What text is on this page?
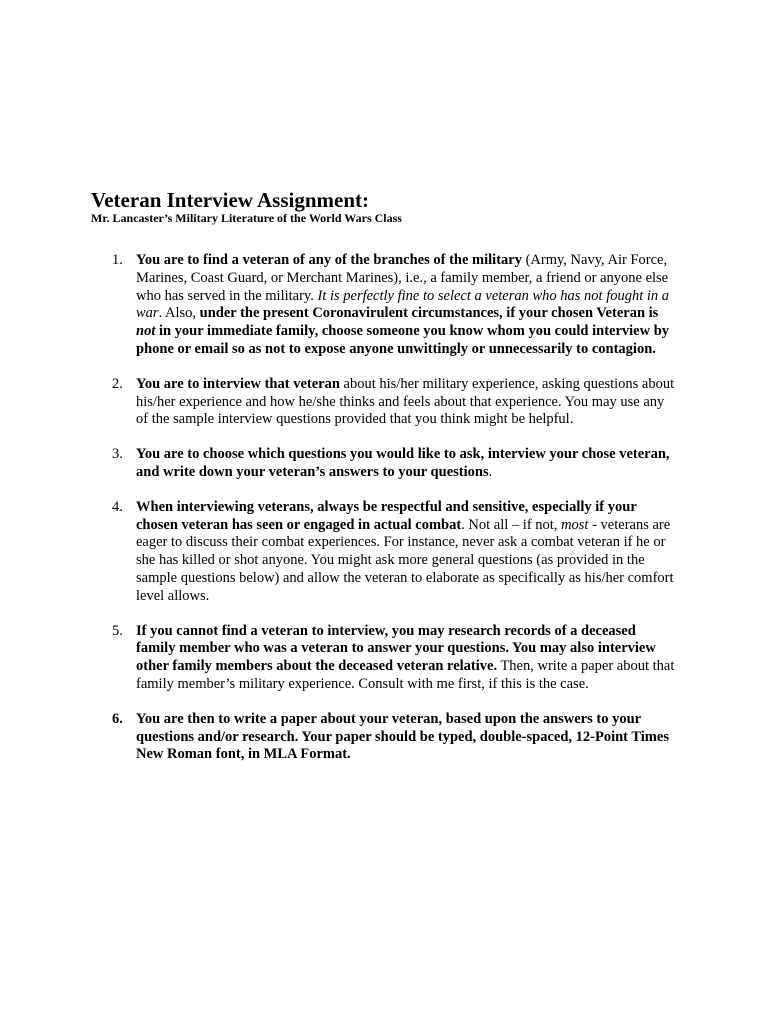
Veteran Interview Assignment:
Mr. Lancaster’s Military Literature of the World Wars Class
1. You are to find a veteran of any of the branches of the military (Army, Navy, Air Force, Marines, Coast Guard, or Merchant Marines), i.e., a family member, a friend or anyone else who has served in the military. It is perfectly fine to select a veteran who has not fought in a war. Also, under the present Coronavirulent circumstances, if your chosen Veteran is not in your immediate family, choose someone you know whom you could interview by phone or email so as not to expose anyone unwittingly or unnecessarily to contagion.
2. You are to interview that veteran about his/her military experience, asking questions about his/her experience and how he/she thinks and feels about that experience. You may use any of the sample interview questions provided that you think might be helpful.
3. You are to choose which questions you would like to ask, interview your chose veteran, and write down your veteran’s answers to your questions.
4. When interviewing veterans, always be respectful and sensitive, especially if your chosen veteran has seen or engaged in actual combat. Not all – if not, most - veterans are eager to discuss their combat experiences. For instance, never ask a combat veteran if he or she has killed or shot anyone. You might ask more general questions (as provided in the sample questions below) and allow the veteran to elaborate as specifically as his/her comfort level allows.
5. If you cannot find a veteran to interview, you may research records of a deceased family member who was a veteran to answer your questions. You may also interview other family members about the deceased veteran relative. Then, write a paper about that family member’s military experience. Consult with me first, if this is the case.
6. You are then to write a paper about your veteran, based upon the answers to your questions and/or research. Your paper should be typed, double-spaced, 12-Point Times New Roman font, in MLA Format.
